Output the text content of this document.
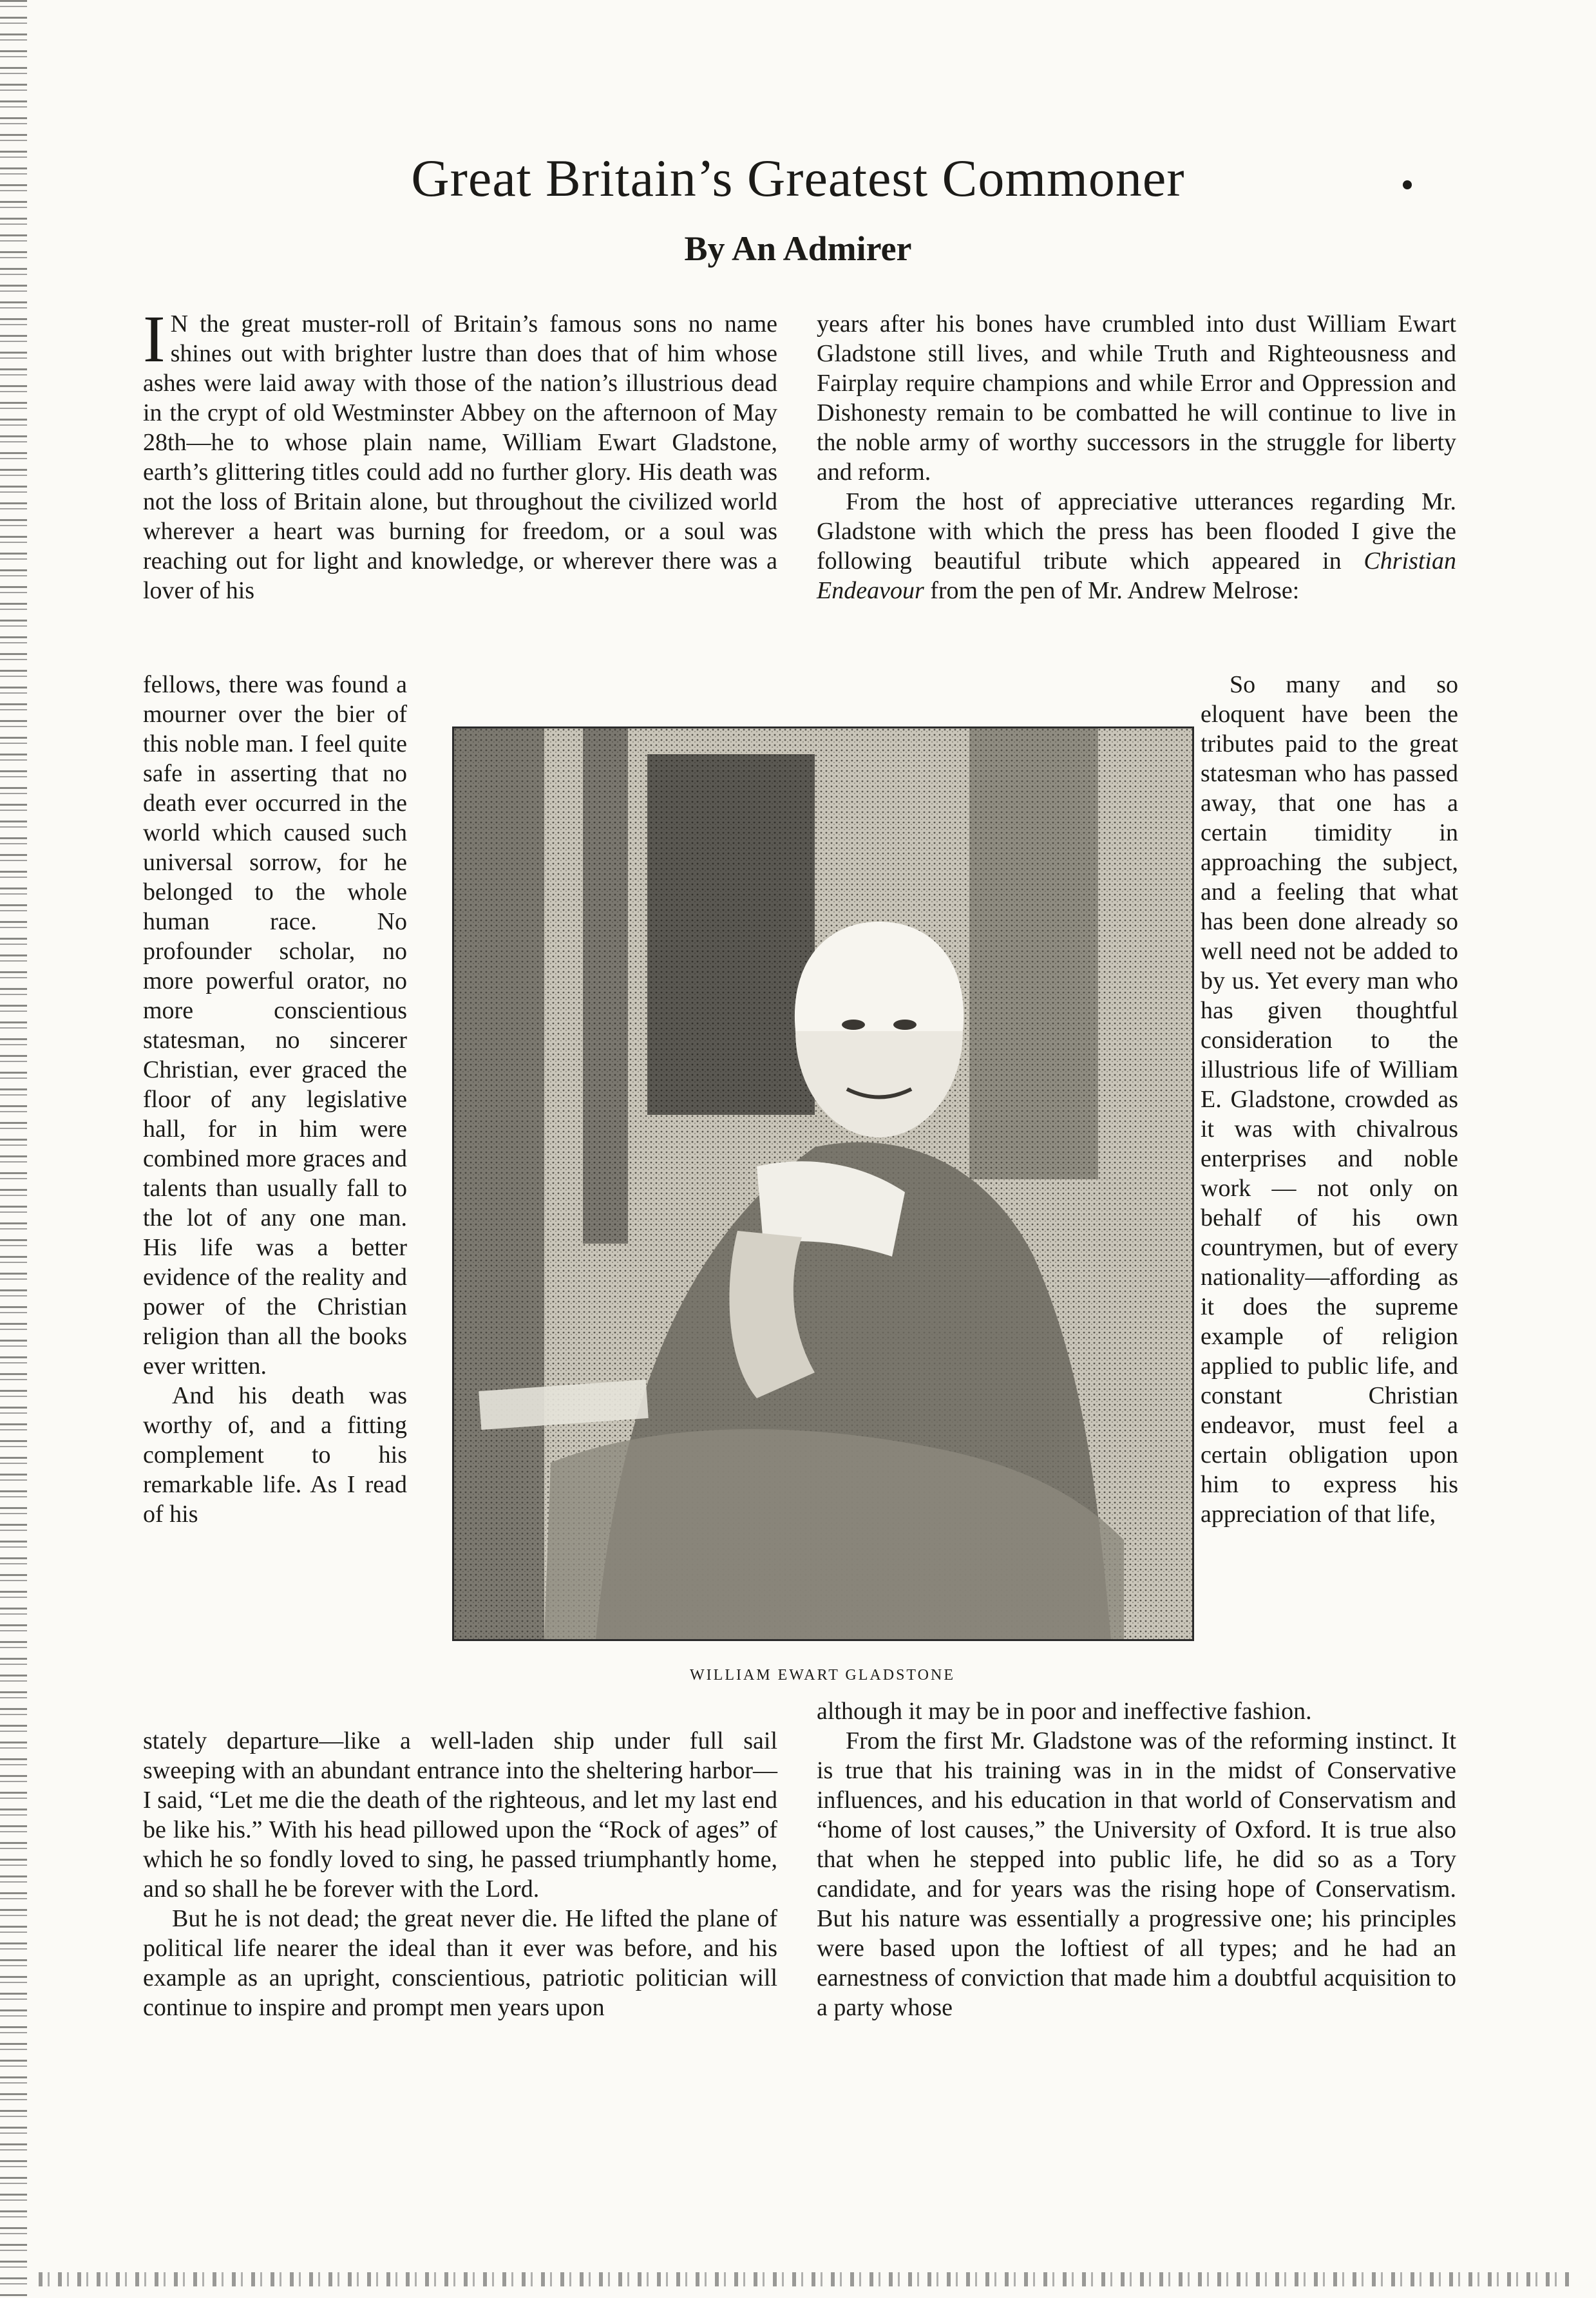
Great Britain’s Greatest Commoner
By An Admirer

I N the great muster-roll of Britain’s famous sons no name shines out with brighter lustre than does that of him whose ashes were laid away with those of the nation’s illustrious dead in the crypt of old Westminster Abbey on the afternoon of May 28th—he to whose plain name, William Ewart Gladstone, earth’s glittering titles could add no further glory. His death was not the loss of Britain alone, but throughout the civilized world wherever a heart was burning for freedom, or a soul was reaching out for light and knowledge, or wherever there was a lover of his

fellows, there was found a mourner over the bier of this noble man. I feel quite safe in asserting that no death ever occurred in the world which caused such universal sorrow, for he belonged to the whole human race. No profounder scholar, no more powerful orator, no more conscientious statesman, no sincerer Christian, ever graced the floor of any legislative hall, for in him were combined more graces and talents than usually fall to the lot of any one man. His life was a better evidence of the reality and power of the Christian religion than all the books ever written.

And his death was worthy of, and a fitting complement to his remarkable life. As I read of his

stately departure—like a well-laden ship under full sail sweeping with an abundant entrance into the sheltering harbor—I said, “Let me die the death of the righteous, and let my last end be like his.” With his head pillowed upon the “Rock of ages” of which he so fondly loved to sing, he passed triumphantly home, and so shall he be forever with the Lord.

But he is not dead; the great never die. He lifted the plane of political life nearer the ideal than it ever was before, and his example as an upright, conscientious, patriotic politician will continue to inspire and prompt men years upon

years after his bones have crumbled into dust William Ewart Gladstone still lives, and while Truth and Righteousness and Fairplay require champions and while Error and Oppression and Dishonesty remain to be combatted he will continue to live in the noble army of worthy successors in the struggle for liberty and reform.

From the host of appreciative utterances regarding Mr. Gladstone with which the press has been flooded I give the following beautiful tribute which appeared in Christian Endeavour from the pen of Mr. Andrew Melrose:

So many and so eloquent have been the tributes paid to the great statesman who has passed away, that one has a certain timidity in approaching the subject, and a feeling that what has been done already so well need not be added to by us. Yet every man who has given thoughtful consideration to the illustrious life of William E. Gladstone, crowded as it was with chivalrous enterprises and noble work — not only on behalf of his own countrymen, but of every nationality—affording as it does the supreme example of religion applied to public life, and constant Christian endeavor, must feel a certain obligation upon him to express his appreciation of that life,

although it may be in poor and ineffective fashion.

From the first Mr. Gladstone was of the reforming instinct. It is true that his training was in in the midst of Conservative influences, and his education in that world of Conservatism and “home of lost causes,” the University of Oxford. It is true also that when he stepped into public life, he did so as a Tory candidate, and for years was the rising hope of Conservatism. But his nature was essentially a progressive one; his principles were based upon the loftiest of all types; and he had an earnestness of conviction that made him a doubtful acquisition to a party whose

WILLIAM EWART GLADSTONE
